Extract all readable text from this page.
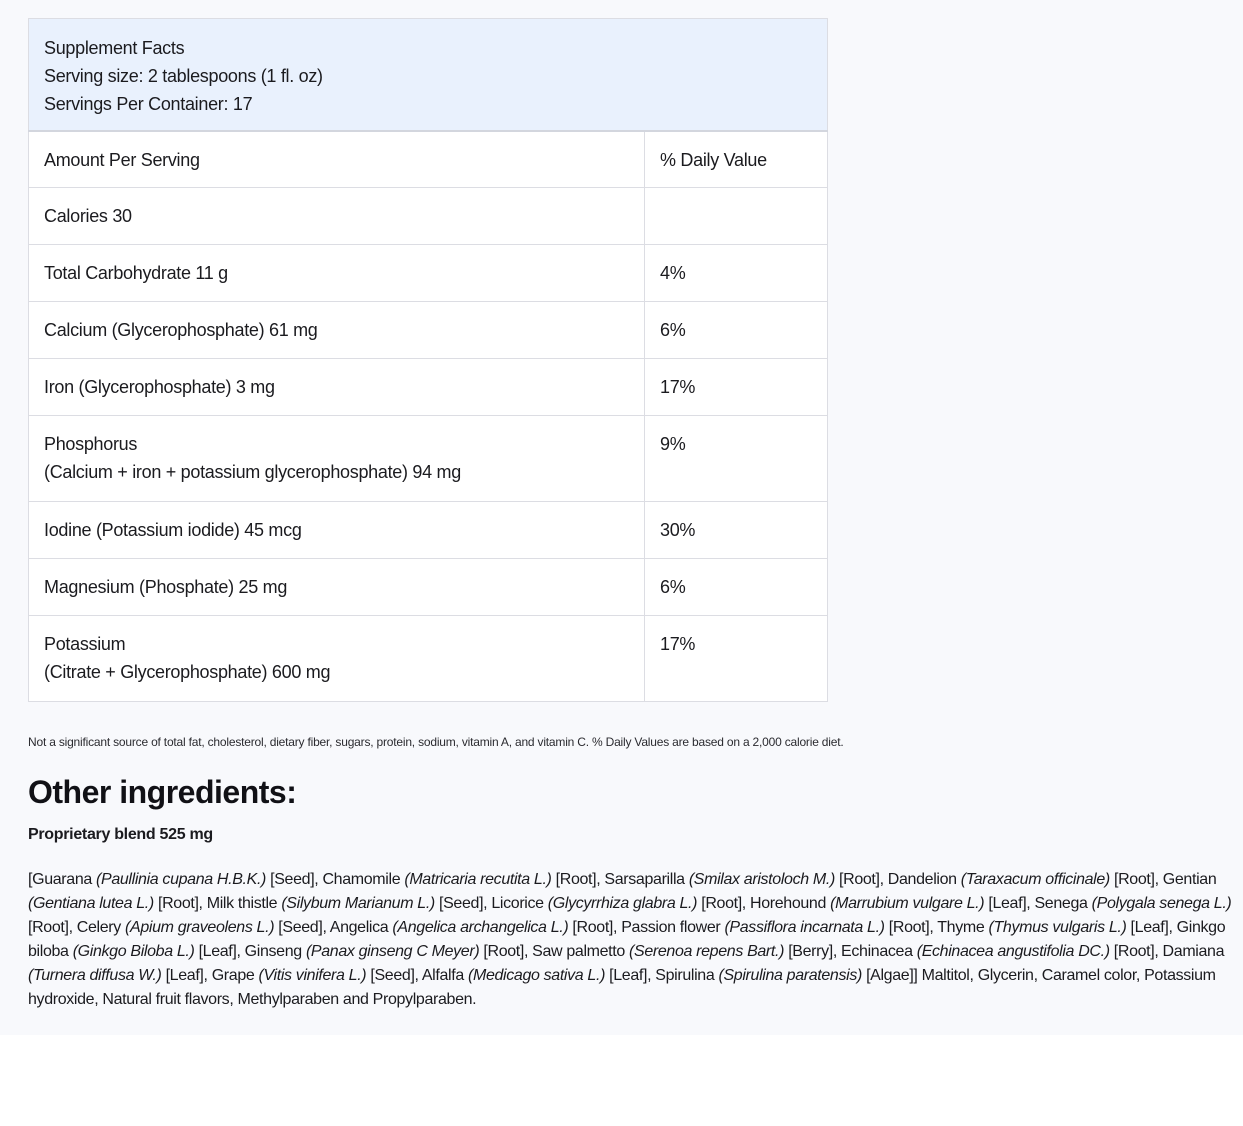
Supplement Facts
Serving size: 2 tablespoons (1 fl. oz)
Servings Per Container: 17	

Amount Per Serving	% Daily Value
Calories 30	
Total Carbohydrate 11 g	4%
Calcium (Glycerophosphate) 61 mg	6%
Iron (Glycerophosphate) 3 mg	17%

Phosphorus
(Calcium + iron + potassium glycerophosphate) 94 mg	9%
Iodine (Potassium iodide) 45 mcg	30%
Magnesium (Phosphate) 25 mg	6%

Potassium
(Citrate + Glycerophosphate) 600 mg	17%
Not a significant source of total fat, cholesterol, dietary fiber, sugars, protein, sodium, vitamin A, and vitamin C. % Daily Values are based on a 2,000 calorie diet.
Other ingredients:
Proprietary blend 525 mg

[Guarana (Paullinia cupana H.B.K.) [Seed], Chamomile (Matricaria recutita L.) [Root], Sarsaparilla (Smilax aristoloch M.) [Root], Dandelion (Taraxacum officinale) [Root], Gentian (Gentiana lutea L.) [Root], Milk thistle (Silybum Marianum L.) [Seed], Licorice (Glycyrrhiza glabra L.) [Root], Horehound (Marrubium vulgare L.) [Leaf], Senega (Polygala senega L.) [Root], Celery (Apium graveolens L.) [Seed], Angelica (Angelica archangelica L.) [Root], Passion flower (Passiflora incarnata L.) [Root], Thyme (Thymus vulgaris L.) [Leaf], Ginkgo biloba (Ginkgo Biloba L.) [Leaf], Ginseng (Panax ginseng C Meyer) [Root], Saw palmetto (Serenoa repens Bart.) [Berry], Echinacea (Echinacea angustifolia DC.) [Root], Damiana (Turnera diffusa W.) [Leaf], Grape (Vitis vinifera L.) [Seed], Alfalfa (Medicago sativa L.) [Leaf], Spirulina (Spirulina paratensis) [Algae]] Maltitol, Glycerin, Caramel color, Potassium hydroxide, Natural fruit flavors, Methylparaben and Propylparaben.
